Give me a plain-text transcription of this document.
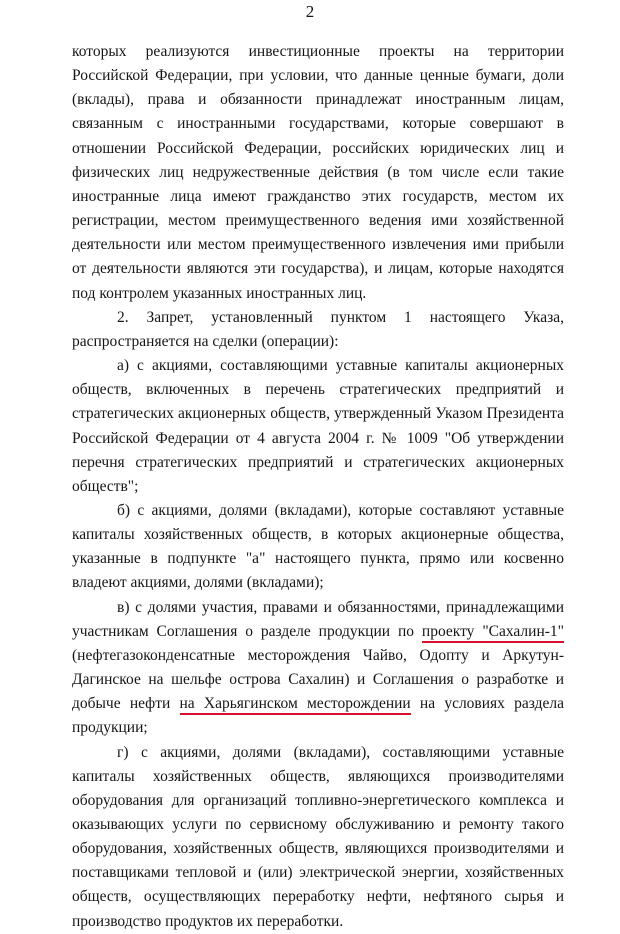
2

которых реализуются инвестиционные проекты на территории Российской Федерации, при условии, что данные ценные бумаги, доли (вклады), права и обязанности принадлежат иностранным лицам, связанным с иностранными государствами, которые совершают в отношении Российской Федерации, российских юридических лиц и физических лиц недружественные действия (в том числе если такие иностранные лица имеют гражданство этих государств, местом их регистрации, местом преимущественного ведения ими хозяйственной деятельности или местом преимущественного извлечения ими прибыли от деятельности являются эти государства), и лицам, которые находятся под контролем указанных иностранных лиц.

2. Запрет, установленный пунктом 1 настоящего Указа, распространяется на сделки (операции):

а) с акциями, составляющими уставные капиталы акционерных обществ, включенных в перечень стратегических предприятий и стратегических акционерных обществ, утвержденный Указом Президента Российской Федерации от 4 августа 2004 г. № 1009 "Об утверждении перечня стратегических предприятий и стратегических акционерных обществ";

б) с акциями, долями (вкладами), которые составляют уставные капиталы хозяйственных обществ, в которых акционерные общества, указанные в подпункте "а" настоящего пункта, прямо или косвенно владеют акциями, долями (вкладами);

в) с долями участия, правами и обязанностями, принадлежащими участникам Соглашения о разделе продукции по проекту "Сахалин-1" (нефтегазоконденсатные месторождения Чайво, Одопту и Аркутун-Дагинское на шельфе острова Сахалин) и Соглашения о разработке и добыче нефти на Харьягинском месторождении на условиях раздела продукции;

г) с акциями, долями (вкладами), составляющими уставные капиталы хозяйственных обществ, являющихся производителями оборудования для организаций топливно-энергетического комплекса и оказывающих услуги по сервисному обслуживанию и ремонту такого оборудования, хозяйственных обществ, являющихся производителями и поставщиками тепловой и (или) электрической энергии, хозяйственных обществ, осуществляющих переработку нефти, нефтяного сырья и производство продуктов их переработки.
